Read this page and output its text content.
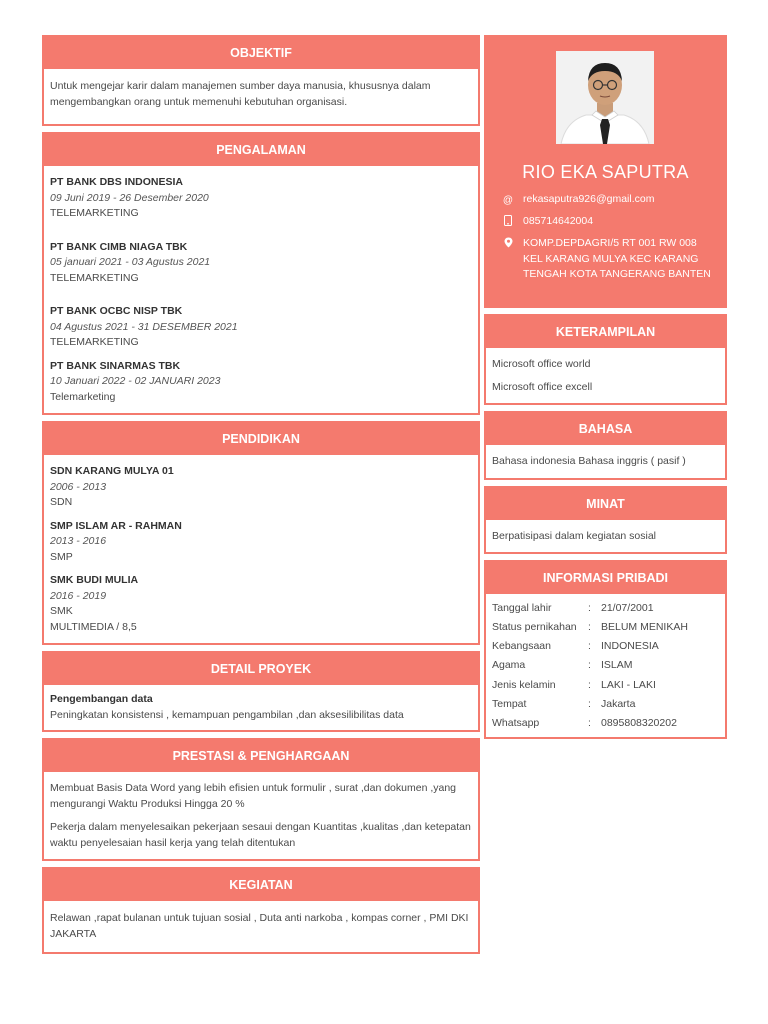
OBJEKTIF
Untuk mengejar karir dalam manajemen sumber daya manusia, khususnya dalam mengembangkan orang untuk memenuhi kebutuhan organisasi.
PENGALAMAN
PT BANK DBS INDONESIA
09 Juni 2019 - 26 Desember 2020
TELEMARKETING
PT BANK CIMB NIAGA TBK
05 januari 2021 - 03 Agustus 2021
TELEMARKETING
PT BANK OCBC NISP TBK
04 Agustus 2021 - 31 DESEMBER 2021
TELEMARKETING
PT BANK SINARMAS TBK
10 Januari 2022 - 02 JANUARI 2023
Telemarketing
PENDIDIKAN
SDN KARANG MULYA 01
2006 - 2013
SDN
SMP ISLAM AR - RAHMAN
2013 - 2016
SMP
SMK BUDI MULIA
2016 - 2019
SMK
MULTIMEDIA / 8,5
DETAIL PROYEK
Pengembangan data
Peningkatan konsistensi , kemampuan pengambilan ,dan aksesilibilitas data
PRESTASI & PENGHARGAAN

Membuat Basis Data Word yang lebih efisien untuk formulir , surat ,dan dokumen ,yang mengurangi Waktu Produksi Hingga 20 %

Pekerja dalam menyelesaikan pekerjaan sesaui dengan Kuantitas ,kualitas ,dan ketepatan waktu penyelesaian hasil kerja yang telah ditentukan

KEGIATAN
Relawan ,rapat bulanan untuk tujuan sosial , Duta anti narkoba , kompas corner , PMI DKI JAKARTA
RIO EKA SAPUTRA
@ rekasaputra926@gmail.com
085714642004
KOMP.DEPDAGRI/5 RT 001 RW 008 KEL KARANG MULYA KEC KARANG TENGAH KOTA TANGERANG BANTEN
KETERAMPILAN
Microsoft office world
Microsoft office excell
BAHASA
Bahasa indonesia Bahasa inggris ( pasif )
MINAT
Berpatisipasi dalam kegiatan sosial
INFORMASI PRIBADI
Tanggal lahir	:	21/07/2001
Status pernikahan	:	BELUM MENIKAH
Kebangsaan	:	INDONESIA
Agama	:	ISLAM
Jenis kelamin	:	LAKI - LAKI
Tempat	:	Jakarta
Whatsapp	:	0895808320202
